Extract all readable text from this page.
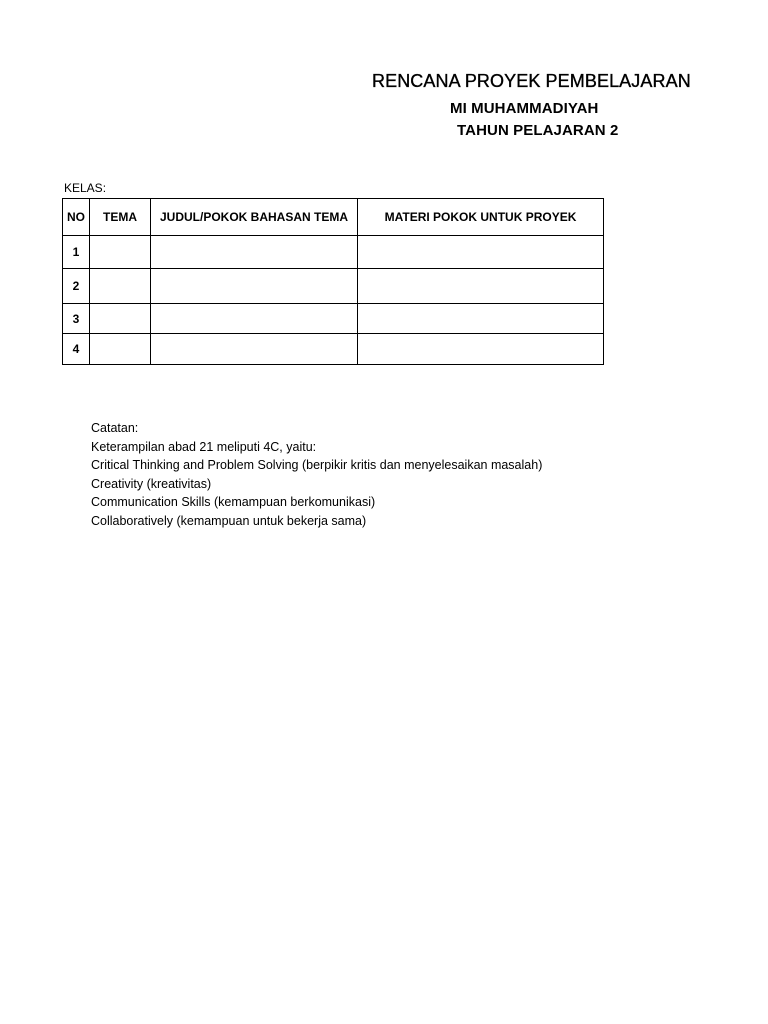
RENCANA PROYEK PEMBELAJARAN
MI MUHAMMADIYAH
TAHUN PELAJARAN 2
KELAS:
NO	TEMA	JUDUL/POKOK BAHASAN TEMA	MATERI POKOK UNTUK PROYEK
1			
2			
3			
4			
Catatan:
Keterampilan abad 21 meliputi 4C, yaitu:
Critical Thinking and Problem Solving (berpikir kritis dan menyelesaikan masalah)
Creativity (kreativitas)
Communication Skills (kemampuan berkomunikasi)
Collaboratively (kemampuan untuk bekerja sama)
